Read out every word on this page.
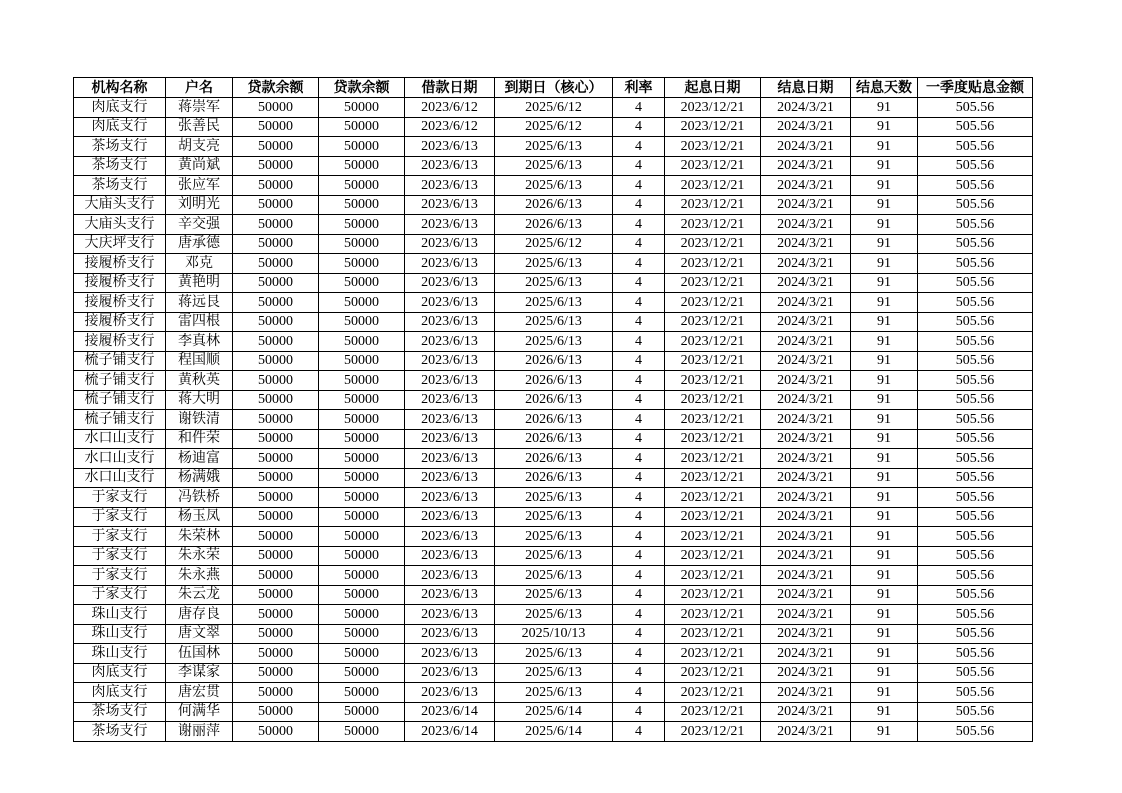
机构名称	户名	贷款余额	贷款余额	借款日期	到期日（核心）	利率	起息日期	结息日期	结息天数	一季度贴息金额
肉底支行	蒋崇军	50000	50000	2023/6/12	2025/6/12	4	2023/12/21	2024/3/21	91	505.56
肉底支行	张善民	50000	50000	2023/6/12	2025/6/12	4	2023/12/21	2024/3/21	91	505.56
茶场支行	胡支亮	50000	50000	2023/6/13	2025/6/13	4	2023/12/21	2024/3/21	91	505.56
茶场支行	黄尚斌	50000	50000	2023/6/13	2025/6/13	4	2023/12/21	2024/3/21	91	505.56
茶场支行	张应军	50000	50000	2023/6/13	2025/6/13	4	2023/12/21	2024/3/21	91	505.56
大庙头支行	刘明光	50000	50000	2023/6/13	2026/6/13	4	2023/12/21	2024/3/21	91	505.56
大庙头支行	辛交强	50000	50000	2023/6/13	2026/6/13	4	2023/12/21	2024/3/21	91	505.56
大庆坪支行	唐承德	50000	50000	2023/6/13	2025/6/12	4	2023/12/21	2024/3/21	91	505.56
接履桥支行	邓克	50000	50000	2023/6/13	2025/6/13	4	2023/12/21	2024/3/21	91	505.56
接履桥支行	黄艳明	50000	50000	2023/6/13	2025/6/13	4	2023/12/21	2024/3/21	91	505.56
接履桥支行	蒋远艮	50000	50000	2023/6/13	2025/6/13	4	2023/12/21	2024/3/21	91	505.56
接履桥支行	雷四根	50000	50000	2023/6/13	2025/6/13	4	2023/12/21	2024/3/21	91	505.56
接履桥支行	李真林	50000	50000	2023/6/13	2025/6/13	4	2023/12/21	2024/3/21	91	505.56
梳子铺支行	程国顺	50000	50000	2023/6/13	2026/6/13	4	2023/12/21	2024/3/21	91	505.56
梳子铺支行	黄秋英	50000	50000	2023/6/13	2026/6/13	4	2023/12/21	2024/3/21	91	505.56
梳子铺支行	蒋大明	50000	50000	2023/6/13	2026/6/13	4	2023/12/21	2024/3/21	91	505.56
梳子铺支行	谢铁清	50000	50000	2023/6/13	2026/6/13	4	2023/12/21	2024/3/21	91	505.56
水口山支行	和件荣	50000	50000	2023/6/13	2026/6/13	4	2023/12/21	2024/3/21	91	505.56
水口山支行	杨迪富	50000	50000	2023/6/13	2026/6/13	4	2023/12/21	2024/3/21	91	505.56
水口山支行	杨满娥	50000	50000	2023/6/13	2026/6/13	4	2023/12/21	2024/3/21	91	505.56
于家支行	冯铁桥	50000	50000	2023/6/13	2025/6/13	4	2023/12/21	2024/3/21	91	505.56
于家支行	杨玉凤	50000	50000	2023/6/13	2025/6/13	4	2023/12/21	2024/3/21	91	505.56
于家支行	朱荣林	50000	50000	2023/6/13	2025/6/13	4	2023/12/21	2024/3/21	91	505.56
于家支行	朱永荣	50000	50000	2023/6/13	2025/6/13	4	2023/12/21	2024/3/21	91	505.56
于家支行	朱永燕	50000	50000	2023/6/13	2025/6/13	4	2023/12/21	2024/3/21	91	505.56
于家支行	朱云龙	50000	50000	2023/6/13	2025/6/13	4	2023/12/21	2024/3/21	91	505.56
珠山支行	唐存良	50000	50000	2023/6/13	2025/6/13	4	2023/12/21	2024/3/21	91	505.56
珠山支行	唐文翠	50000	50000	2023/6/13	2025/10/13	4	2023/12/21	2024/3/21	91	505.56
珠山支行	伍国林	50000	50000	2023/6/13	2025/6/13	4	2023/12/21	2024/3/21	91	505.56
肉底支行	李谋家	50000	50000	2023/6/13	2025/6/13	4	2023/12/21	2024/3/21	91	505.56
肉底支行	唐宏贯	50000	50000	2023/6/13	2025/6/13	4	2023/12/21	2024/3/21	91	505.56
茶场支行	何满华	50000	50000	2023/6/14	2025/6/14	4	2023/12/21	2024/3/21	91	505.56
茶场支行	谢丽萍	50000	50000	2023/6/14	2025/6/14	4	2023/12/21	2024/3/21	91	505.56
